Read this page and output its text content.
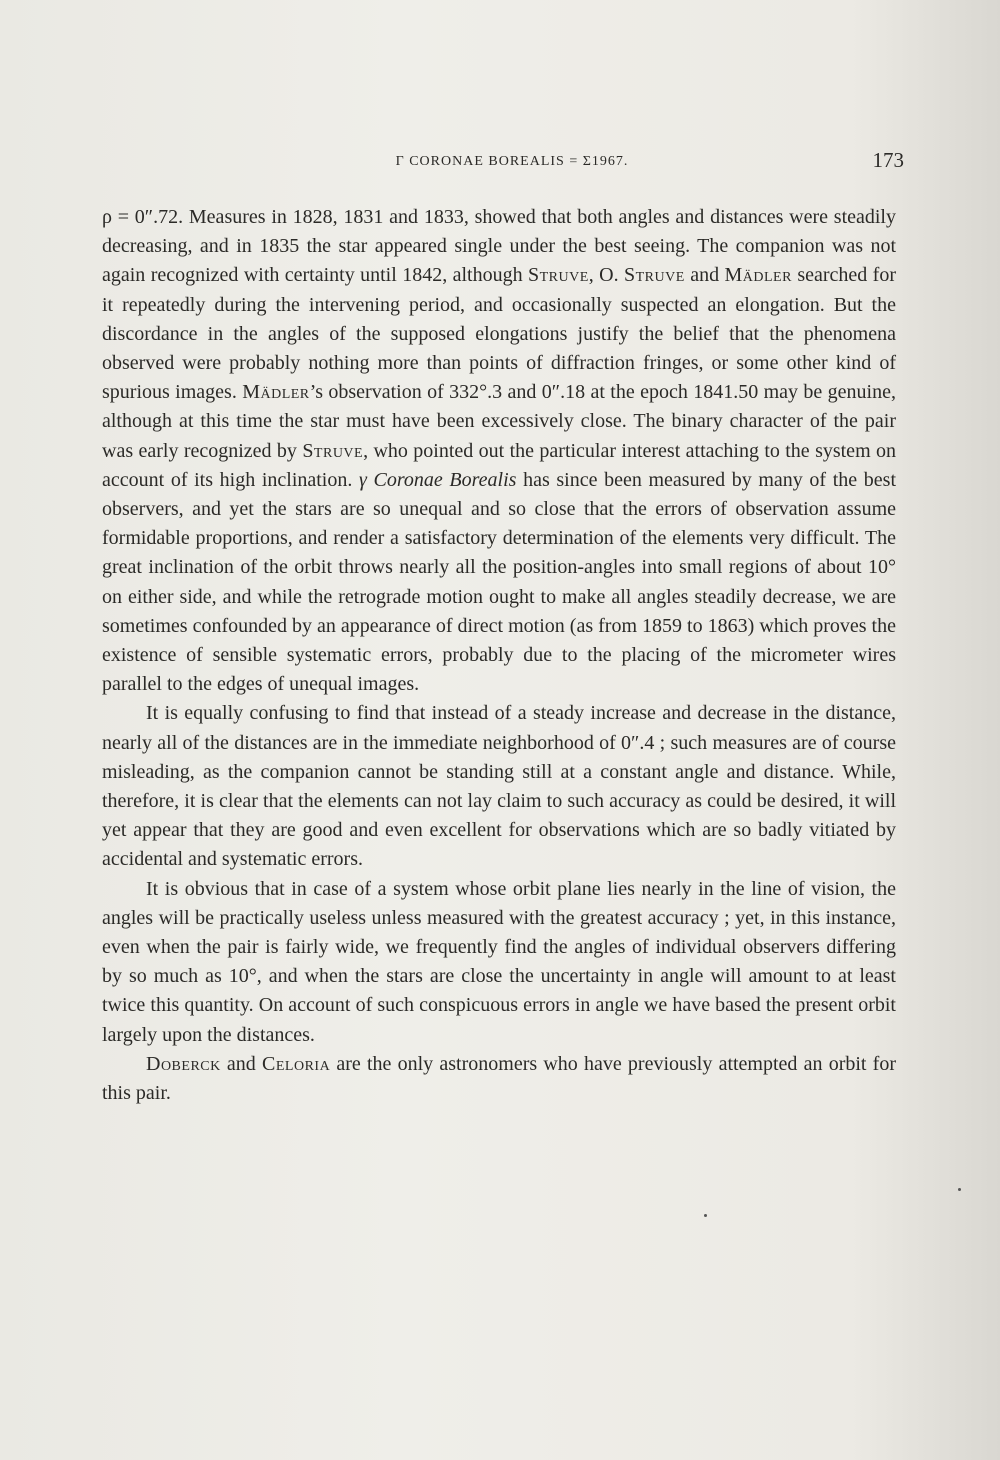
Γ CORONAE BOREALIS = Σ1967.	173

ρ = 0″.72. Measures in 1828, 1831 and 1833, showed that both angles and distances were steadily decreasing, and in 1835 the star appeared single under the best seeing. The companion was not again recognized with certainty until 1842, although Struve, O. Struve and Mädler searched for it repeatedly during the intervening period, and occasionally suspected an elongation. But the discordance in the angles of the supposed elongations justify the belief that the phenomena observed were probably nothing more than points of diffraction fringes, or some other kind of spurious images. Mädler’s observation of 332°.3 and 0″.18 at the epoch 1841.50 may be genuine, although at this time the star must have been excessively close. The binary character of the pair was early recognized by Struve, who pointed out the particular interest attaching to the system on account of its high inclination. γ Coronae Borealis has since been measured by many of the best observers, and yet the stars are so unequal and so close that the errors of observation assume formidable proportions, and render a satisfactory determination of the elements very difficult. The great inclination of the orbit throws nearly all the position-angles into small regions of about 10° on either side, and while the retrograde motion ought to make all angles steadily decrease, we are sometimes confounded by an appearance of direct motion (as from 1859 to 1863) which proves the existence of sensible systematic errors, probably due to the placing of the micrometer wires parallel to the edges of unequal images.

It is equally confusing to find that instead of a steady increase and decrease in the distance, nearly all of the distances are in the immediate neighborhood of 0″.4 ; such measures are of course misleading, as the companion cannot be standing still at a constant angle and distance. While, therefore, it is clear that the elements can not lay claim to such accuracy as could be desired, it will yet appear that they are good and even excellent for observations which are so badly vitiated by accidental and systematic errors.

It is obvious that in case of a system whose orbit plane lies nearly in the line of vision, the angles will be practically useless unless measured with the greatest accuracy ; yet, in this instance, even when the pair is fairly wide, we frequently find the angles of individual observers differing by so much as 10°, and when the stars are close the uncertainty in angle will amount to at least twice this quantity. On account of such conspicuous errors in angle we have based the present orbit largely upon the distances.

Doberck and Celoria are the only astronomers who have previously attempted an orbit for this pair.
